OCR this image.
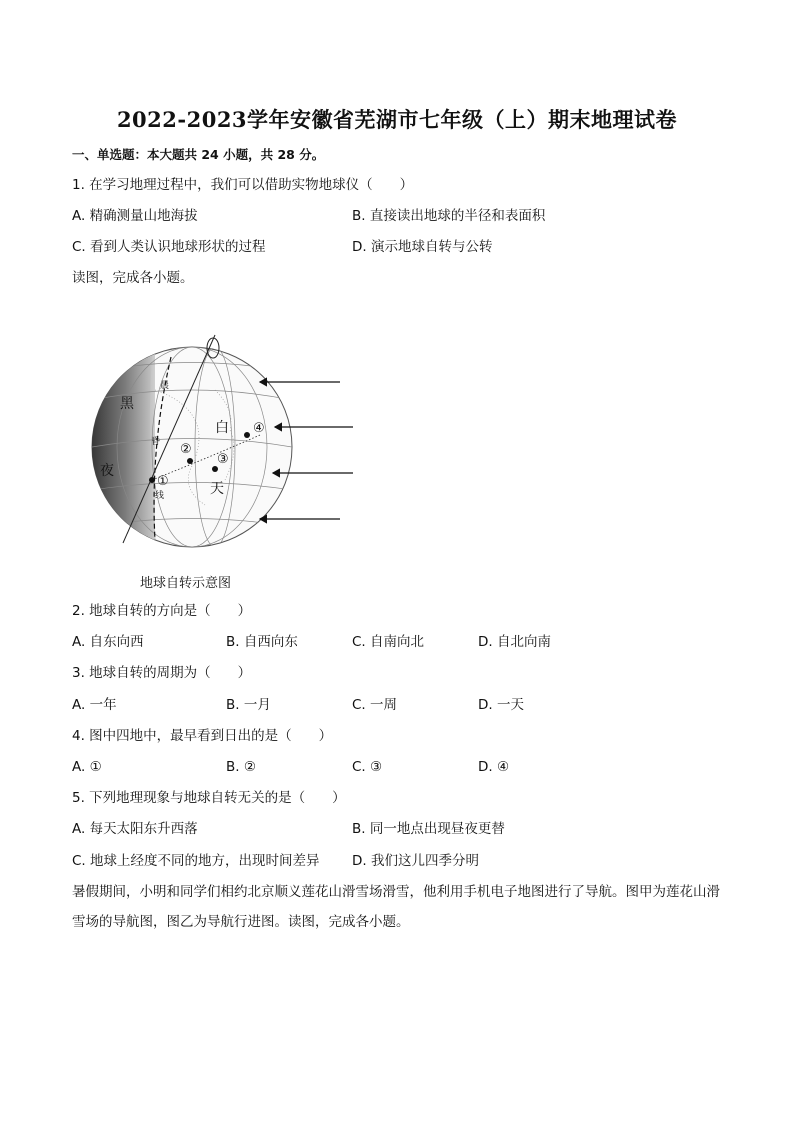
2022-2023学年安徽省芜湖市七年级（上）期末地理试卷
一、单选题：本大题共 24 小题，共 28 分。
1. 在学习地理过程中，我们可以借助实物地球仪（　　）
A. 精确测量山地海拔	B. 直接读出地球的半径和表面积
C. 看到人类认识地球形状的过程	D. 演示地球自转与公转
读图，完成各小题。
黑
夜
白
天
晨
昏
线
①
②
③
④
地球自转示意图
2. 地球自转的方向是（　　）
A. 自东向西	B. 自西向东	C. 自南向北	D. 自北向南
3. 地球自转的周期为（　　）
A. 一年	B. 一月	C. 一周	D. 一天
4. 图中四地中，最早看到日出的是（　　）
A. ①	B. ②	C. ③	D. ④
5. 下列地理现象与地球自转无关的是（　　）
A. 每天太阳东升西落	B. 同一地点出现昼夜更替
C. 地球上经度不同的地方，出现时间差异 D. 我们这儿四季分明
暑假期间，小明和同学们相约北京顺义莲花山滑雪场滑雪，他利用手机电子地图进行了导航。图甲为莲花山滑雪场的导航图，图乙为导航行进图。读图，完成各小题。
